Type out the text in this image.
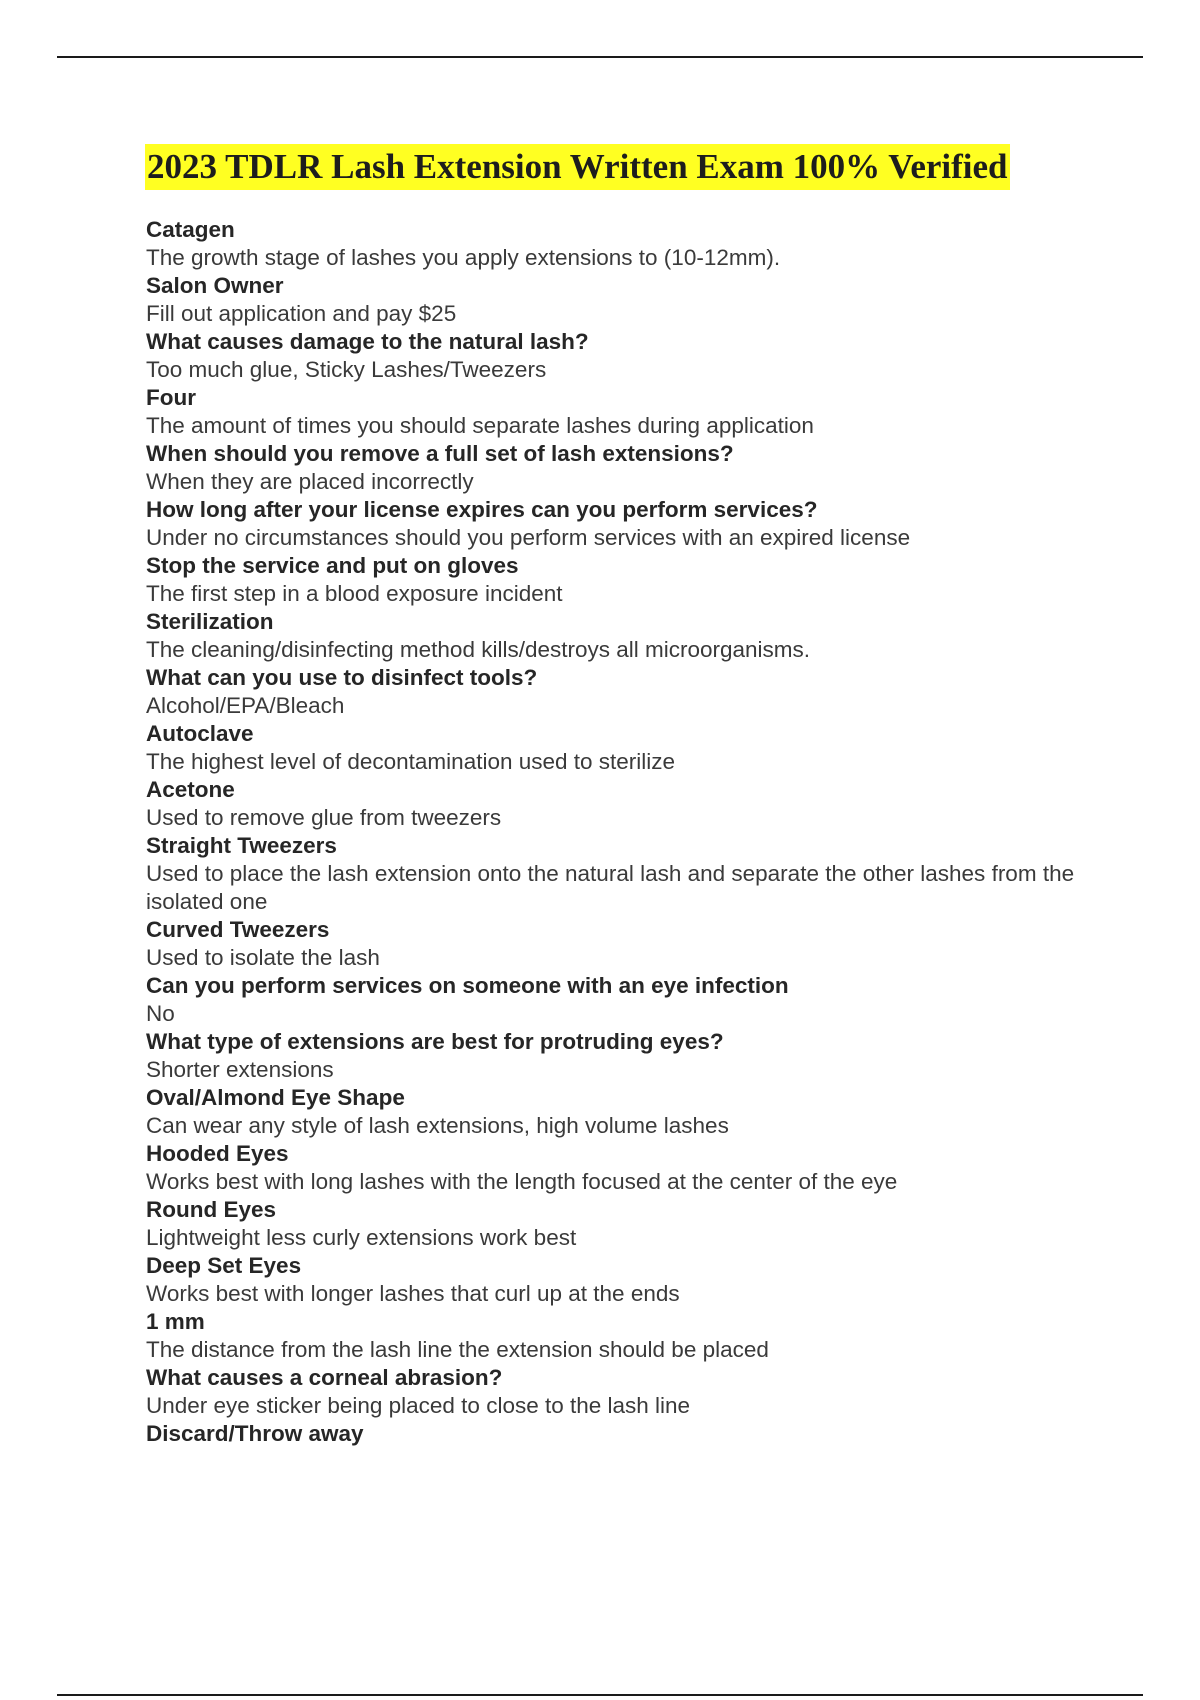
2023 TDLR Lash Extension Written Exam 100% Verified
Catagen
The growth stage of lashes you apply extensions to (10-12mm).
Salon Owner
Fill out application and pay $25
What causes damage to the natural lash?
Too much glue, Sticky Lashes/Tweezers
Four
The amount of times you should separate lashes during application
When should you remove a full set of lash extensions?
When they are placed incorrectly
How long after your license expires can you perform services?
Under no circumstances should you perform services with an expired license
Stop the service and put on gloves
The first step in a blood exposure incident
Sterilization
The cleaning/disinfecting method kills/destroys all microorganisms.
What can you use to disinfect tools?
Alcohol/EPA/Bleach
Autoclave
The highest level of decontamination used to sterilize
Acetone
Used to remove glue from tweezers
Straight Tweezers
Used to place the lash extension onto the natural lash and separate the other lashes from the isolated one
Curved Tweezers
Used to isolate the lash
Can you perform services on someone with an eye infection
No
What type of extensions are best for protruding eyes?
Shorter extensions
Oval/Almond Eye Shape
Can wear any style of lash extensions, high volume lashes
Hooded Eyes
Works best with long lashes with the length focused at the center of the eye
Round Eyes
Lightweight less curly extensions work best
Deep Set Eyes
Works best with longer lashes that curl up at the ends
1 mm
The distance from the lash line the extension should be placed
What causes a corneal abrasion?
Under eye sticker being placed to close to the lash line
Discard/Throw away
